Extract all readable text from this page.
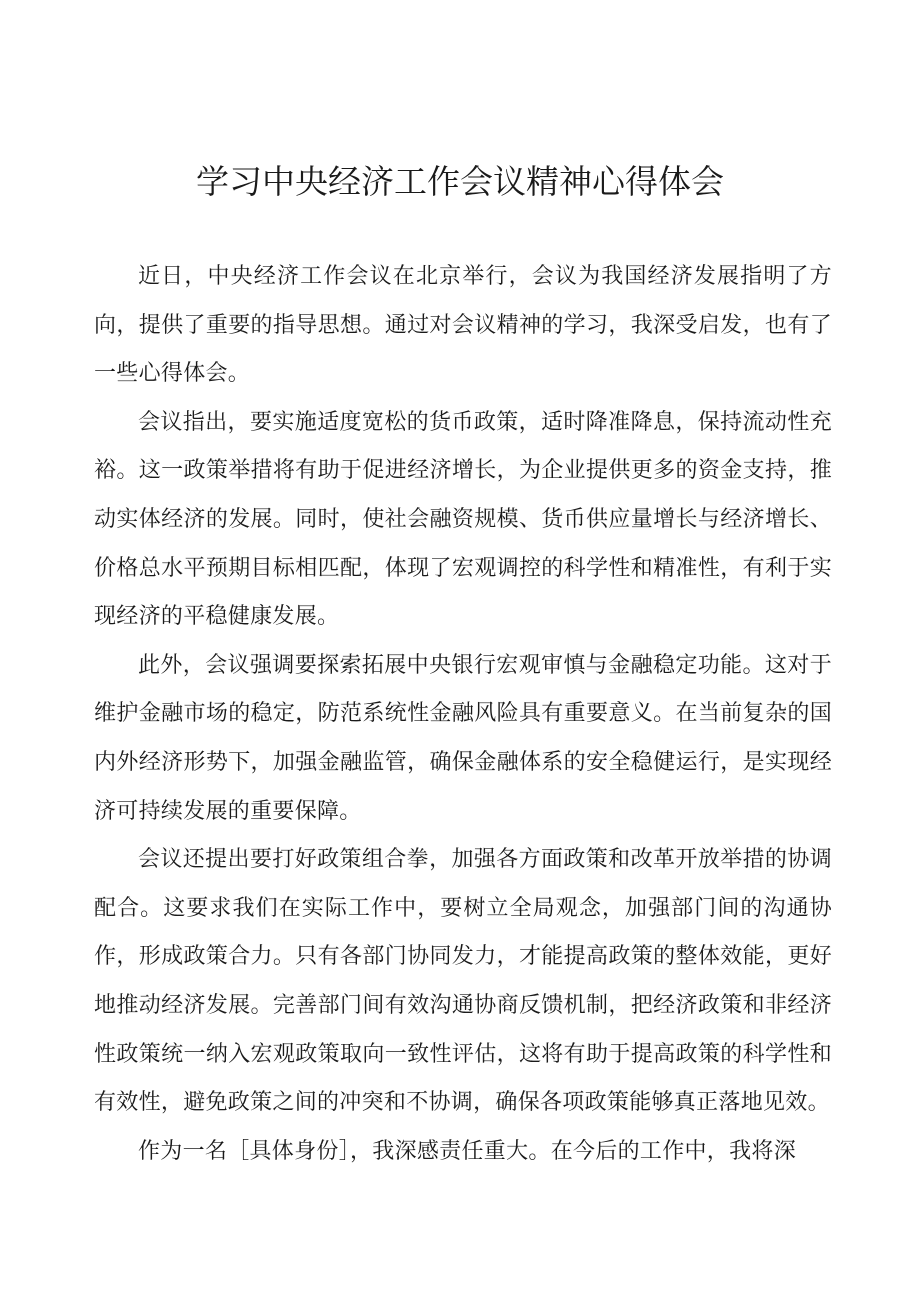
学习中央经济工作会议精神心得体会

近日，中央经济工作会议在北京举行，会议为我国经济发展指明了方向，提供了重要的指导思想。通过对会议精神的学习，我深受启发，也有了一些心得体会。

会议指出，要实施适度宽松的货币政策，适时降准降息，保持流动性充裕。这一政策举措将有助于促进经济增长，为企业提供更多的资金支持，推动实体经济的发展。同时，使社会融资规模、货币供应量增长与经济增长、价格总水平预期目标相匹配，体现了宏观调控的科学性和精准性，有利于实现经济的平稳健康发展。

此外，会议强调要探索拓展中央银行宏观审慎与金融稳定功能。这对于维护金融市场的稳定，防范系统性金融风险具有重要意义。在当前复杂的国内外经济形势下，加强金融监管，确保金融体系的安全稳健运行，是实现经济可持续发展的重要保障。

会议还提出要打好政策组合拳，加强各方面政策和改革开放举措的协调配合。这要求我们在实际工作中，要树立全局观念，加强部门间的沟通协作，形成政策合力。只有各部门协同发力，才能提高政策的整体效能，更好地推动经济发展。完善部门间有效沟通协商反馈机制，把经济政策和非经济性政策统一纳入宏观政策取向一致性评估，这将有助于提高政策的科学性和有效性，避免政策之间的冲突和不协调，确保各项政策能够真正落地见效。

作为一名［具体身份］，我深感责任重大。在今后的工作中，我将深
